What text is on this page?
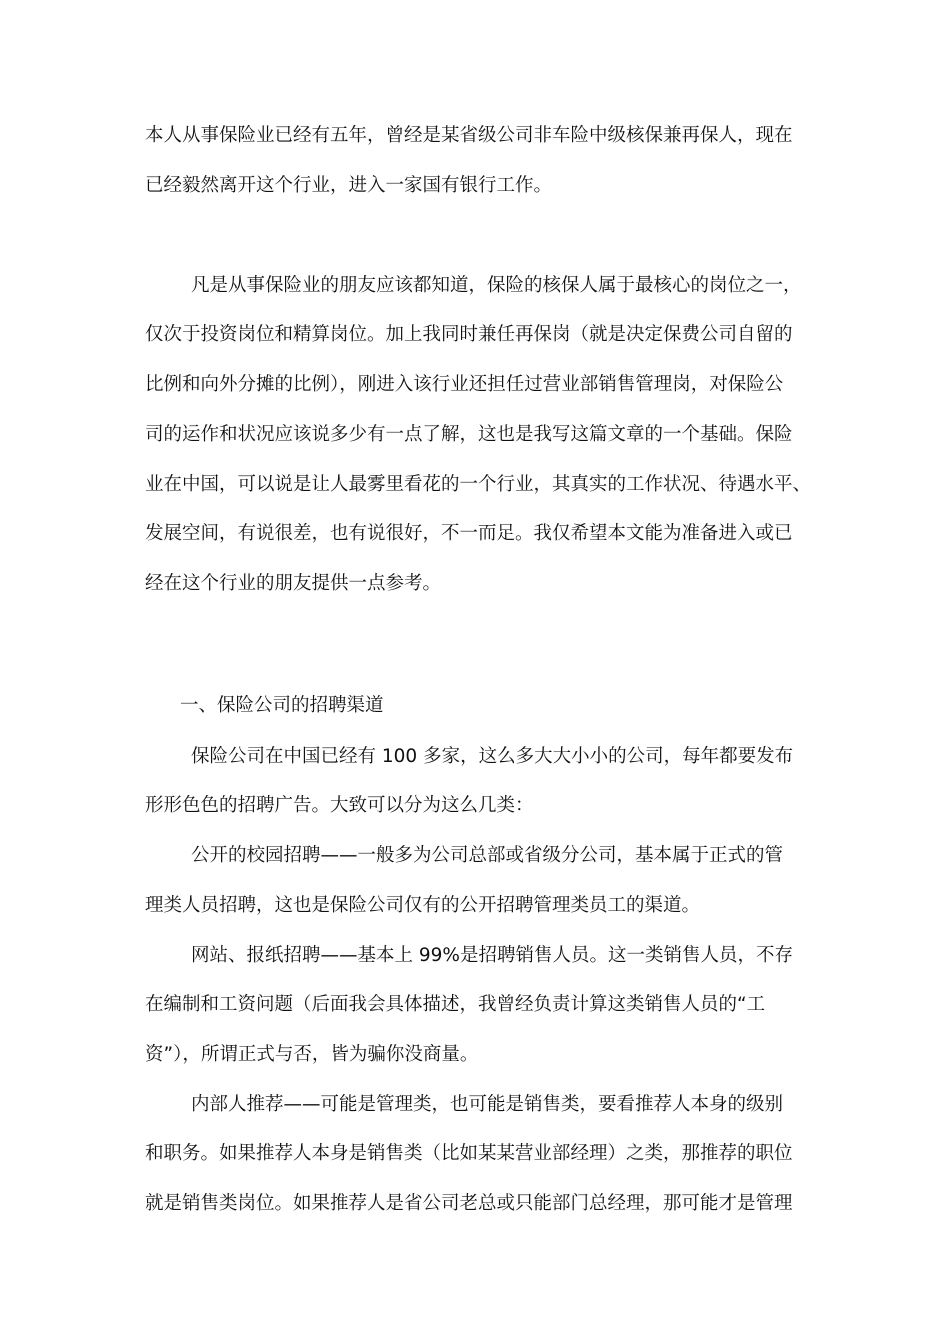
本人从事保险业已经有五年，曾经是某省级公司非车险中级核保兼再保人，现在
已经毅然离开这个行业，进入一家国有银行工作。
凡是从事保险业的朋友应该都知道，保险的核保人属于最核心的岗位之一，
仅次于投资岗位和精算岗位。加上我同时兼任再保岗（就是决定保费公司自留的
比例和向外分摊的比例），刚进入该行业还担任过营业部销售管理岗，对保险公
司的运作和状况应该说多少有一点了解，这也是我写这篇文章的一个基础。保险
业在中国，可以说是让人最雾里看花的一个行业，其真实的工作状况、待遇水平、
发展空间，有说很差，也有说很好，不一而足。我仅希望本文能为准备进入或已
经在这个行业的朋友提供一点参考。
一、保险公司的招聘渠道
保险公司在中国已经有 100 多家，这么多大大小小的公司，每年都要发布
形形色色的招聘广告。大致可以分为这么几类：
公开的校园招聘——一般多为公司总部或省级分公司，基本属于正式的管
理类人员招聘，这也是保险公司仅有的公开招聘管理类员工的渠道。
网站、报纸招聘——基本上 99%是招聘销售人员。这一类销售人员，不存
在编制和工资问题（后面我会具体描述，我曾经负责计算这类销售人员的“工
资”），所谓正式与否，皆为骗你没商量。
内部人推荐——可能是管理类，也可能是销售类，要看推荐人本身的级别
和职务。如果推荐人本身是销售类（比如某某营业部经理）之类，那推荐的职位
就是销售类岗位。如果推荐人是省公司老总或只能部门总经理，那可能才是管理
